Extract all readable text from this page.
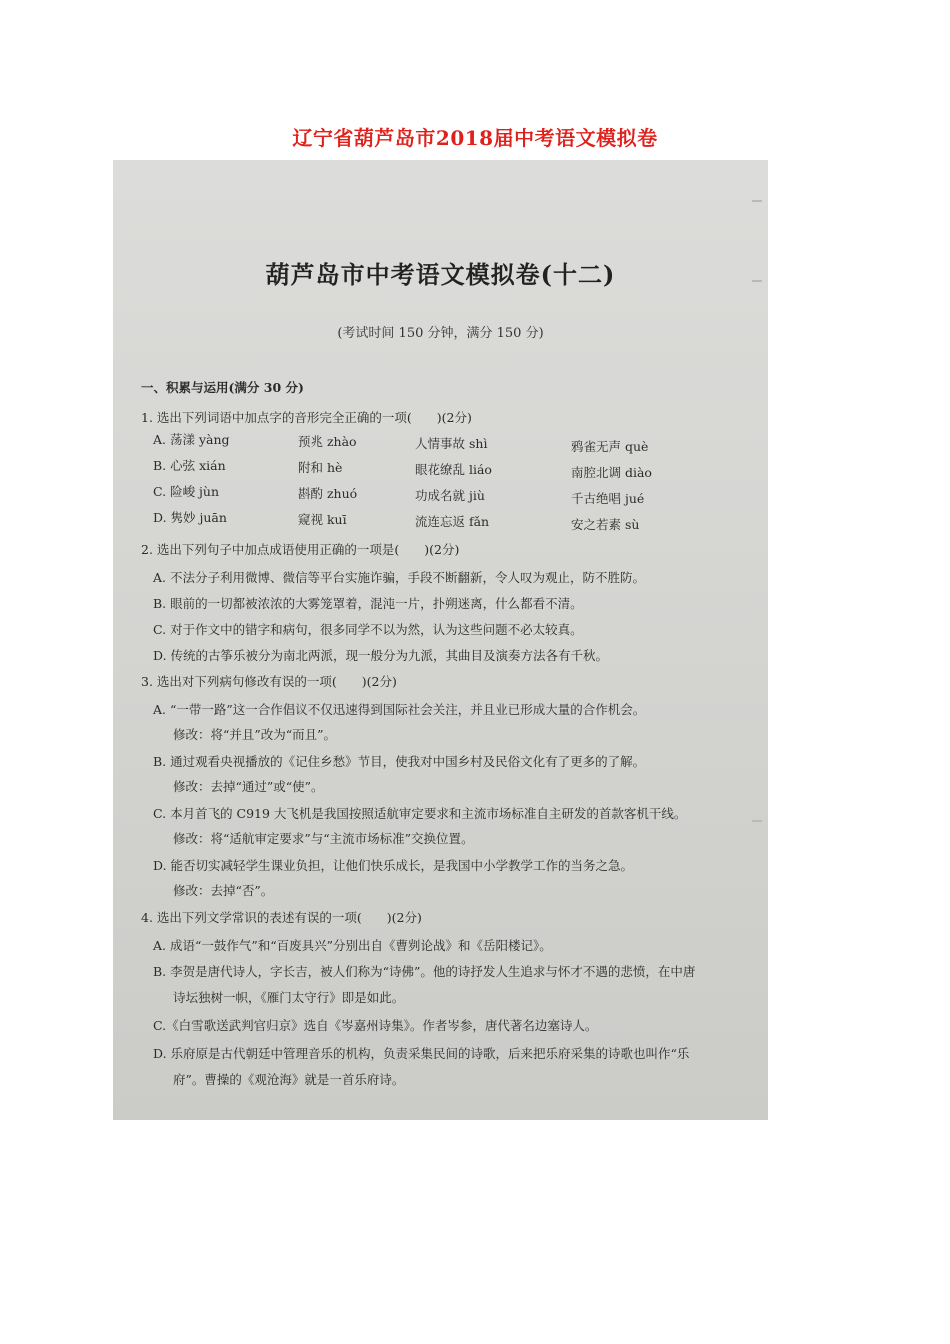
辽宁省葫芦岛市2018届中考语文模拟卷
葫芦岛市中考语文模拟卷(十二)
(考试时间 150 分钟，满分 150 分)
一、积累与运用(满分 30 分)
1. 选出下列词语中加点字的音形完全正确的一项(　　)(2分)
A. 荡漾 yàng	预兆 zhào	人情事故 shì	鸦雀无声 què
B. 心弦 xián	附和 hè	眼花缭乱 liáo	南腔北调 diào
C. 险峻 jùn	斟酌 zhuó	功成名就 jiù	千古绝唱 jué
D. 隽妙 juān	窥视 kuī	流连忘返 fǎn	安之若素 sù
2. 选出下列句子中加点成语使用正确的一项是(　　)(2分)
A. 不法分子利用微博、微信等平台实施诈骗，手段不断翻新，令人叹为观止，防不胜防。
B. 眼前的一切都被浓浓的大雾笼罩着，混沌一片，扑朔迷离，什么都看不清。
C. 对于作文中的错字和病句，很多同学不以为然，认为这些问题不必太较真。
D. 传统的古筝乐被分为南北两派，现一般分为九派，其曲目及演奏方法各有千秋。
3. 选出对下列病句修改有误的一项(　　)(2分)
A. “一带一路”这一合作倡议不仅迅速得到国际社会关注，并且业已形成大量的合作机会。
修改：将“并且”改为“而且”。
B. 通过观看央视播放的《记住乡愁》节目，使我对中国乡村及民俗文化有了更多的了解。
修改：去掉“通过”或“使”。
C. 本月首飞的 C919 大飞机是我国按照适航审定要求和主流市场标准自主研发的首款客机干线。
修改：将“适航审定要求”与“主流市场标准”交换位置。
D. 能否切实减轻学生课业负担，让他们快乐成长，是我国中小学教学工作的当务之急。
修改：去掉“否”。
4. 选出下列文学常识的表述有误的一项(　　)(2分)
A. 成语“一鼓作气”和“百废具兴”分别出自《曹刿论战》和《岳阳楼记》。
B. 李贺是唐代诗人，字长吉，被人们称为“诗佛”。他的诗抒发人生追求与怀才不遇的悲愤，在中唐
诗坛独树一帜，《雁门太守行》即是如此。
C.《白雪歌送武判官归京》选自《岑嘉州诗集》。作者岑参，唐代著名边塞诗人。
D. 乐府原是古代朝廷中管理音乐的机构，负责采集民间的诗歌，后来把乐府采集的诗歌也叫作“乐
府”。曹操的《观沧海》就是一首乐府诗。
